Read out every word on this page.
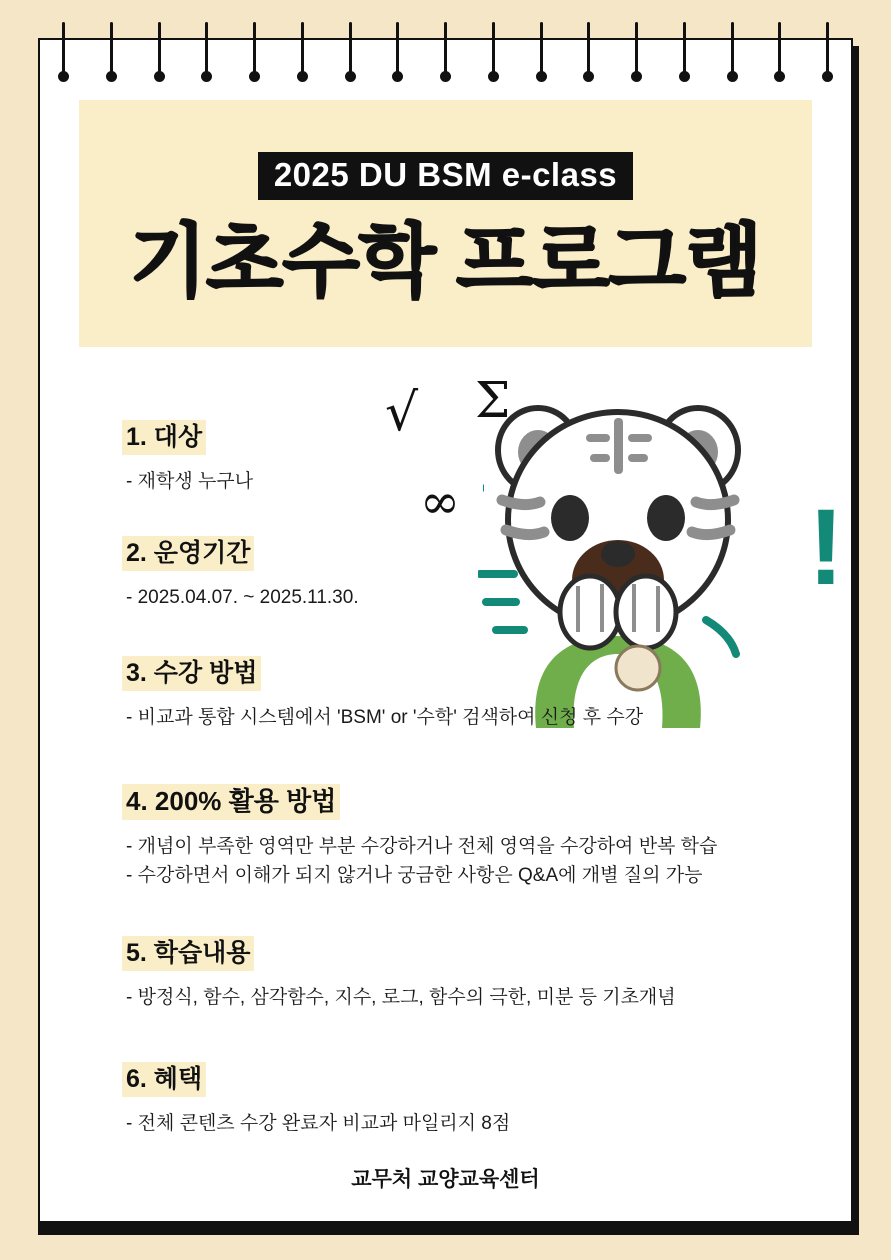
2025 DU BSM e-class
기초수학 프로그램
√ Σ
∞	!
1. 대상
- 재학생 누구나
2. 운영기간
- 2025.04.07. ~ 2025.11.30.
3. 수강 방법
- 비교과 통합 시스템에서 'BSM' or '수학' 검색하여 신청 후 수강
4. 200% 활용 방법
- 개념이 부족한 영역만 부분 수강하거나 전체 영역을 수강하여 반복 학습
- 수강하면서 이해가 되지 않거나 궁금한 사항은 Q&A에 개별 질의 가능
5. 학습내용
- 방정식, 함수, 삼각함수, 지수, 로그, 함수의 극한, 미분 등 기초개념
6. 혜택
- 전체 콘텐츠 수강 완료자 비교과 마일리지 8점
교무처 교양교육센터
